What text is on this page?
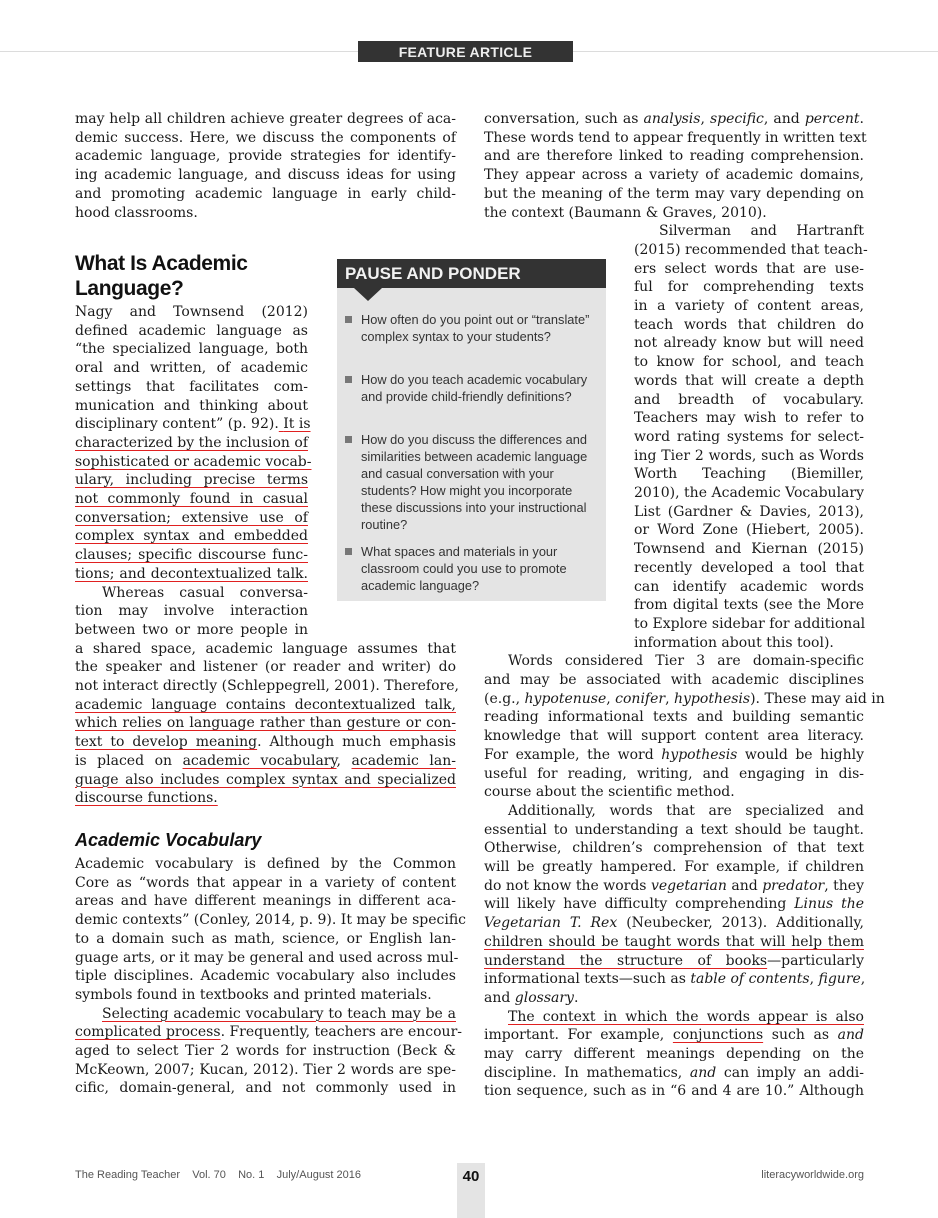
FEATURE ARTICLE
may help all children achieve greater degrees of aca-
demic success. Here, we discuss the components of
academic language, provide strategies for identify-
ing academic language, and discuss ideas for using
and promoting academic language in early child-
hood classrooms.
What Is Academic
Language?
Nagy and Townsend (2012)
defined academic language as
“the specialized language, both
oral and written, of academic
settings that facilitates com-
munication and thinking about
disciplinary content” (p. 92). It is
characterized by the inclusion of
sophisticated or academic vocab-
ulary, including precise terms
not commonly found in casual
conversation; extensive use of
complex syntax and embedded
clauses; specific discourse func-
tions; and decontextualized talk.
Whereas casual conversa-
tion may involve interaction
between two or more people in
a shared space, academic language assumes that
the speaker and listener (or reader and writer) do
not interact directly (Schleppegrell, 2001). Therefore,
academic language contains decontextualized talk,
which relies on language rather than gesture or con-
text to develop meaning. Although much emphasis
is placed on academic vocabulary, academic lan-
guage also includes complex syntax and specialized
discourse functions.
Academic Vocabulary
Academic vocabulary is defined by the Common
Core as “words that appear in a variety of content
areas and have different meanings in different aca-
demic contexts” (Conley, 2014, p. 9). It may be specific
to a domain such as math, science, or English lan-
guage arts, or it may be general and used across mul-
tiple disciplines. Academic vocabulary also includes
symbols found in textbooks and printed materials.
Selecting academic vocabulary to teach may be a
complicated process. Frequently, teachers are encour-
aged to select Tier 2 words for instruction (Beck &
McKeown, 2007; Kucan, 2012). Tier 2 words are spe-
cific, domain-general, and not commonly used in
PAUSE AND PONDER
How often do you point out or “translate” complex syntax to your students?
How do you teach academic vocabulary and provide child-friendly definitions?
How do you discuss the differences and similarities between academic language and casual conversation with your students? How might you incorporate these discussions into your instructional routine?
What spaces and materials in your classroom could you use to promote academic language?
conversation, such as analysis, specific, and percent.
These words tend to appear frequently in written text
and are therefore linked to reading comprehension.
They appear across a variety of academic domains,
but the meaning of the term may vary depending on
the context (Baumann & Graves, 2010).
Silverman and Hartranft
(2015) recommended that teach-
ers select words that are use-
ful for comprehending texts
in a variety of content areas,
teach words that children do
not already know but will need
to know for school, and teach
words that will create a depth
and breadth of vocabulary.
Teachers may wish to refer to
word rating systems for select-
ing Tier 2 words, such as Words
Worth Teaching (Biemiller,
2010), the Academic Vocabulary
List (Gardner & Davies, 2013),
or Word Zone (Hiebert, 2005).
Townsend and Kiernan (2015)
recently developed a tool that
can identify academic words
from digital texts (see the More
to Explore sidebar for additional
information about this tool).
Words considered Tier 3 are domain-specific
and may be associated with academic disciplines
(e.g., hypotenuse, conifer, hypothesis). These may aid in
reading informational texts and building semantic
knowledge that will support content area literacy.
For example, the word hypothesis would be highly
useful for reading, writing, and engaging in dis-
course about the scientific method.
Additionally, words that are specialized and
essential to understanding a text should be taught.
Otherwise, children’s comprehension of that text
will be greatly hampered. For example, if children
do not know the words vegetarian and predator, they
will likely have difficulty comprehending Linus the
Vegetarian T. Rex (Neubecker, 2013). Additionally,
children should be taught words that will help them
understand the structure of books—particularly
informational texts—such as table of contents, figure,
and glossary.
The context in which the words appear is also
important. For example, conjunctions such as and
may carry different meanings depending on the
discipline. In mathematics, and can imply an addi-
tion sequence, such as in “6 and 4 are 10.” Although
The Reading Teacher Vol. 70 No. 1 July/August 2016	40	literacyworldwide.org
